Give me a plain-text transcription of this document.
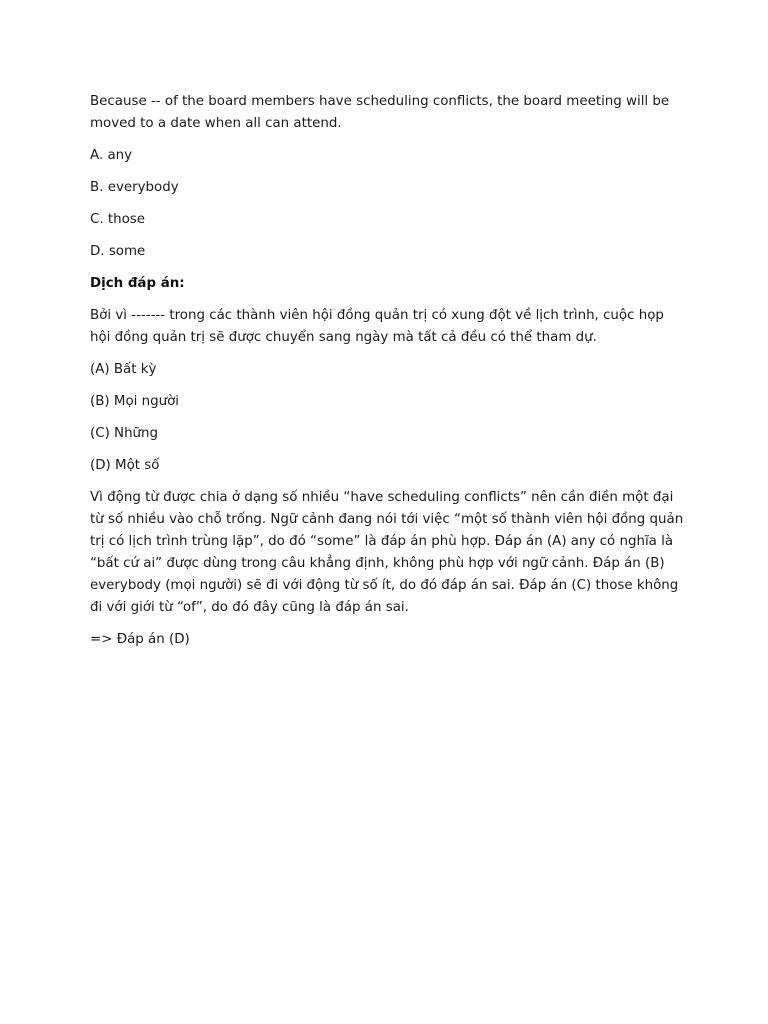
Because -- of the board members have scheduling conflicts, the board meeting will be moved to a date when all can attend.

A. any

B. everybody

C. those

D. some

Dịch đáp án:

Bởi vì ------- trong các thành viên hội đồng quản trị có xung đột về lịch trình, cuộc họp hội đồng quản trị sẽ được chuyển sang ngày mà tất cả đều có thể tham dự.

(A) Bất kỳ

(B) Mọi người

(C) Những

(D) Một số

Vì động từ được chia ở dạng số nhiều “have scheduling conflicts” nên cần điền một đại từ số nhiều vào chỗ trống. Ngữ cảnh đang nói tới việc “một số thành viên hội đồng quản trị có lịch trình trùng lặp”, do đó “some” là đáp án phù hợp. Đáp án (A) any có nghĩa là “bất cứ ai” được dùng trong câu khẳng định, không phù hợp với ngữ cảnh. Đáp án (B) everybody (mọi người) sẽ đi với động từ số ít, do đó đáp án sai. Đáp án (C) those không đi với giới từ “of”, do đó đây cũng là đáp án sai.

=> Đáp án (D)
